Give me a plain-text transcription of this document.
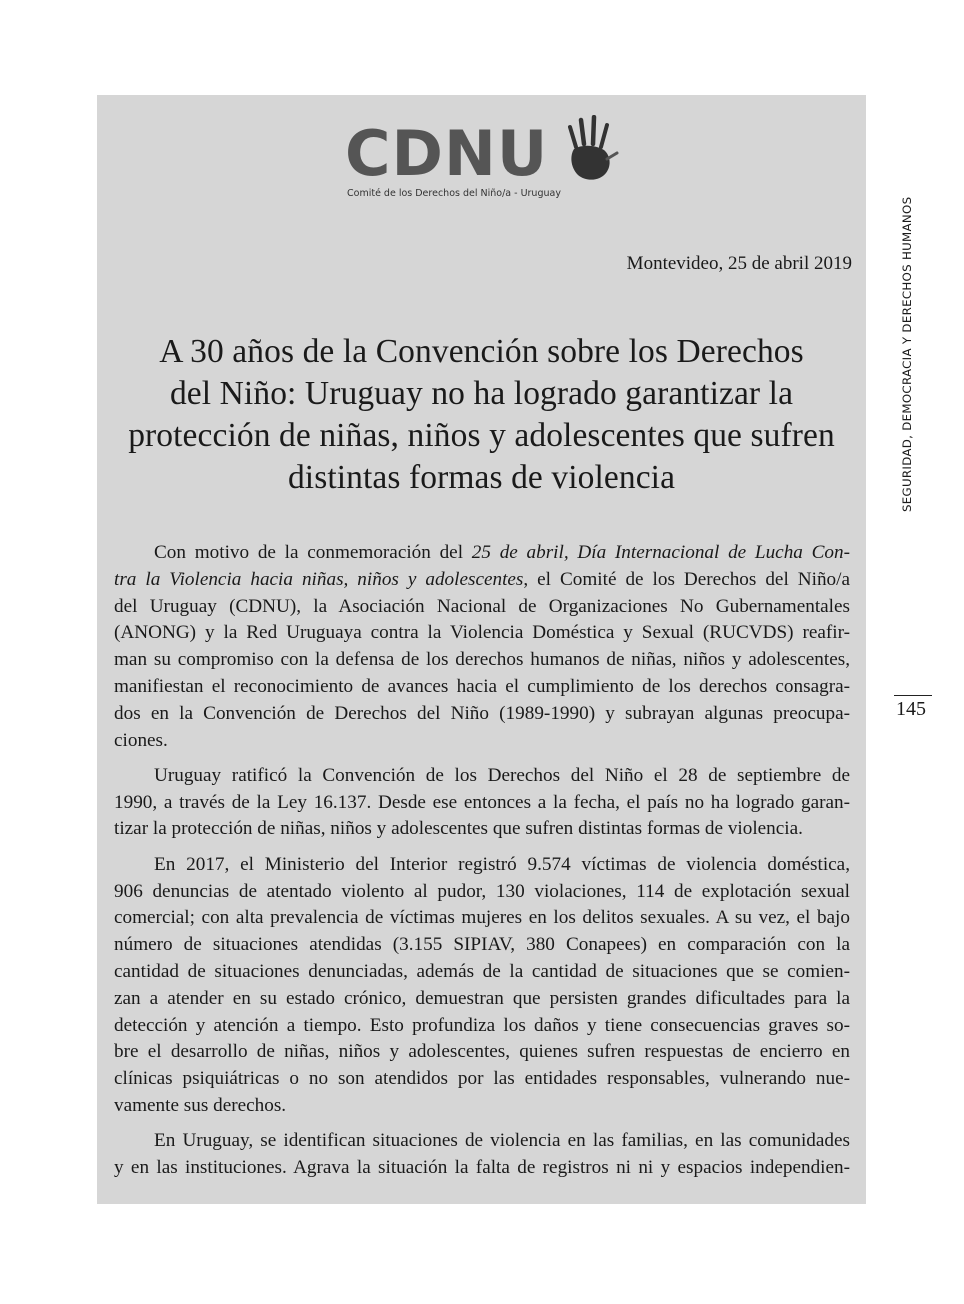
CDNU
Comité de los Derechos del Niño/a - Uruguay
Montevideo, 25 de abril 2019
A 30 años de la Convención sobre los Derechos
del Niño: Uruguay no ha logrado garantizar la
protección de niñas, niños y adolescentes que sufren
distintas formas de violencia
Con motivo de la conmemoración del 25 de abril, Día Internacional de Lucha Con-
tra la Violencia hacia niñas, niños y adolescentes, el Comité de los Derechos del Niño/a
del Uruguay (CDNU), la Asociación Nacional de Organizaciones No Gubernamentales
(ANONG) y la Red Uruguaya contra la Violencia Doméstica y Sexual (RUCVDS) reafir-
man su compromiso con la defensa de los derechos humanos de niñas, niños y adolescentes,
manifiestan el reconocimiento de avances hacia el cumplimiento de los derechos consagra-
dos en la Convención de Derechos del Niño (1989-1990) y subrayan algunas preocupa-
ciones.
Uruguay ratificó la Convención de los Derechos del Niño el 28 de septiembre de
1990, a través de la Ley 16.137. Desde ese entonces a la fecha, el país no ha logrado garan-
tizar la protección de niñas, niños y adolescentes que sufren distintas formas de violencia.
En 2017, el Ministerio del Interior registró 9.574 víctimas de violencia doméstica,
906 denuncias de atentado violento al pudor, 130 violaciones, 114 de explotación sexual
comercial; con alta prevalencia de víctimas mujeres en los delitos sexuales. A su vez, el bajo
número de situaciones atendidas (3.155 SIPIAV, 380 Conapees) en comparación con la
cantidad de situaciones denunciadas, además de la cantidad de situaciones que se comien-
zan a atender en su estado crónico, demuestran que persisten grandes dificultades para la
detección y atención a tiempo. Esto profundiza los daños y tiene consecuencias graves so-
bre el desarrollo de niñas, niños y adolescentes, quienes sufren respuestas de encierro en
clínicas psiquiátricas o no son atendidos por las entidades responsables, vulnerando nue-
vamente sus derechos.
En Uruguay, se identifican situaciones de violencia en las familias, en las comunidades
y en las instituciones. Agrava la situación la falta de registros ni ni y espacios independien-
SEGURIDAD, DEMOCRACIA Y DERECHOS HUMANOS
145
